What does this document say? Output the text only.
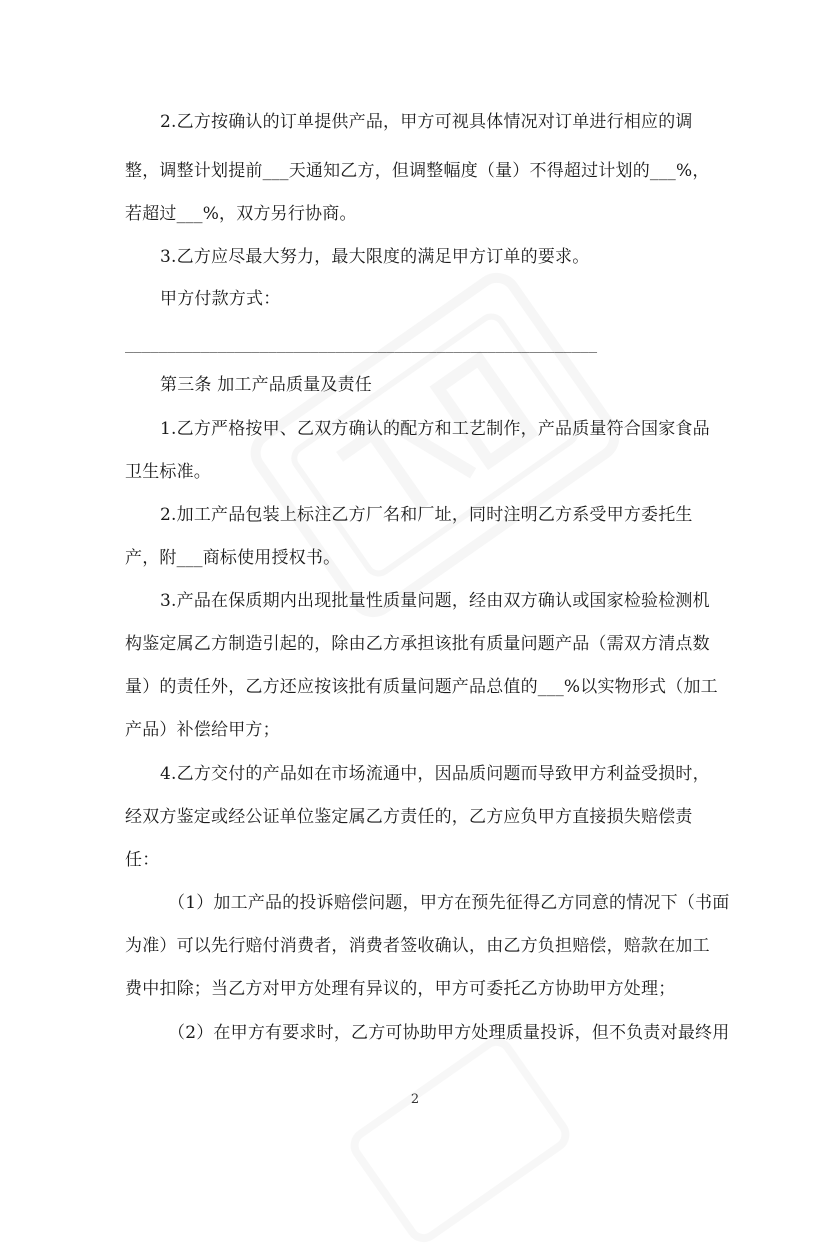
2.乙方按确认的订单提供产品，甲方可视具体情况对订单进行相应的调
整，调整计划提前___天通知乙方，但调整幅度（量）不得超过计划的___%，
若超过___%，双方另行协商。
3.乙方应尽最大努力，最大限度的满足甲方订单的要求。
甲方付款方式：
________________________________________________________
第三条 加工产品质量及责任
1.乙方严格按甲、乙双方确认的配方和工艺制作，产品质量符合国家食品
卫生标准。
2.加工产品包装上标注乙方厂名和厂址，同时注明乙方系受甲方委托生
产，附___商标使用授权书。
3.产品在保质期内出现批量性质量问题，经由双方确认或国家检验检测机
构鉴定属乙方制造引起的，除由乙方承担该批有质量问题产品（需双方清点数
量）的责任外，乙方还应按该批有质量问题产品总值的___%以实物形式（加工
产品）补偿给甲方；
4.乙方交付的产品如在市场流通中，因品质问题而导致甲方利益受损时，
经双方鉴定或经公证单位鉴定属乙方责任的，乙方应负甲方直接损失赔偿责
任：
（1）加工产品的投诉赔偿问题，甲方在预先征得乙方同意的情况下（书面
为准）可以先行赔付消费者，消费者签收确认，由乙方负担赔偿，赔款在加工
费中扣除；当乙方对甲方处理有异议的，甲方可委托乙方协助甲方处理；
（2）在甲方有要求时，乙方可协助甲方处理质量投诉，但不负责对最终用
2
